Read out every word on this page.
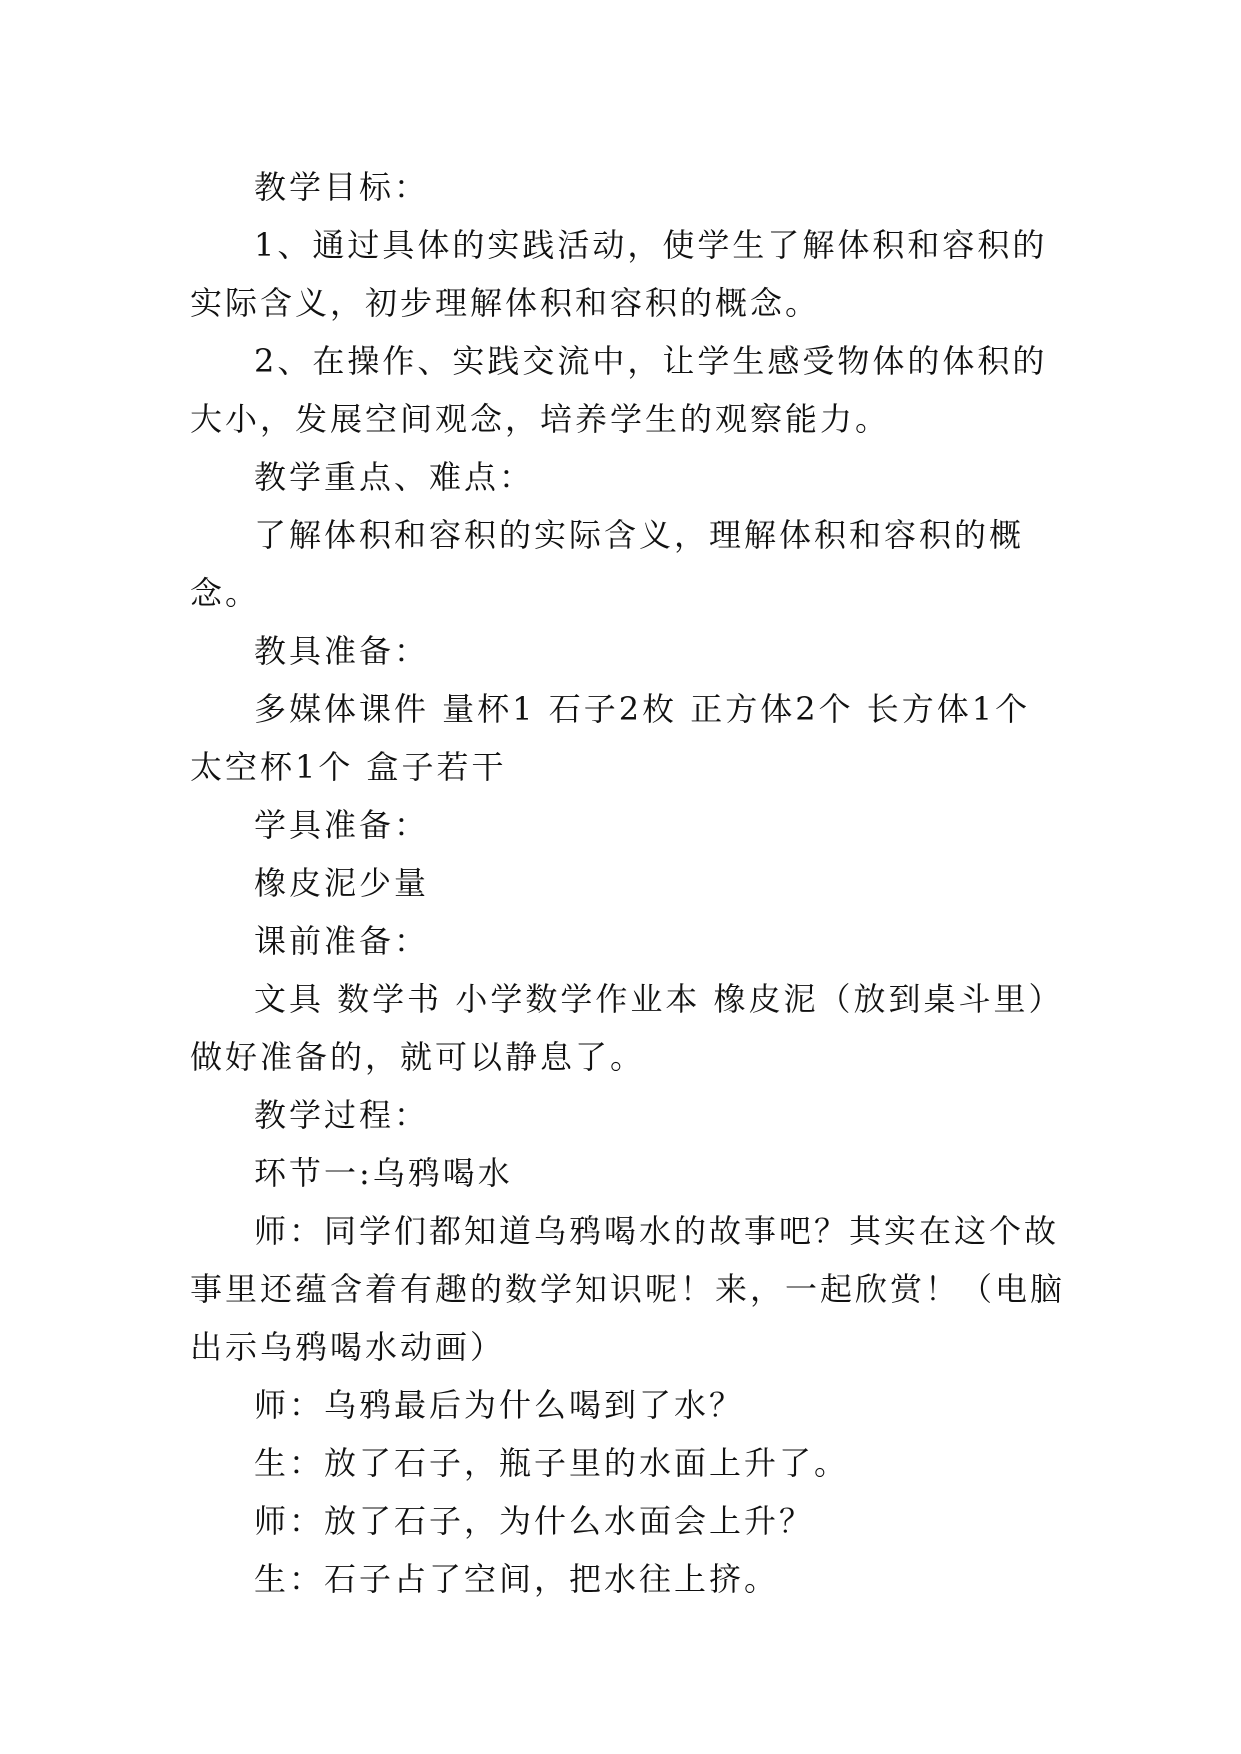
教学目标：

1、通过具体的实践活动，使学生了解体积和容积的实际含义，初步理解体积和容积的概念。

2、在操作、实践交流中，让学生感受物体的体积的大小，发展空间观念，培养学生的观察能力。

教学重点、难点：

了解体积和容积的实际含义，理解体积和容积的概念。

教具准备：

多媒体课件 量杯1 石子2枚 正方体2个 长方体1个 太空杯1个 盒子若干

学具准备：

橡皮泥少量

课前准备：

文具 数学书 小学数学作业本 橡皮泥（放到桌斗里）做好准备的，就可以静息了。

教学过程：

环节一:乌鸦喝水

师：同学们都知道乌鸦喝水的故事吧？其实在这个故事里还蕴含着有趣的数学知识呢！来，一起欣赏！（电脑出示乌鸦喝水动画）

师：乌鸦最后为什么喝到了水？

生：放了石子，瓶子里的水面上升了。

师：放了石子，为什么水面会上升？

生：石子占了空间，把水往上挤。
